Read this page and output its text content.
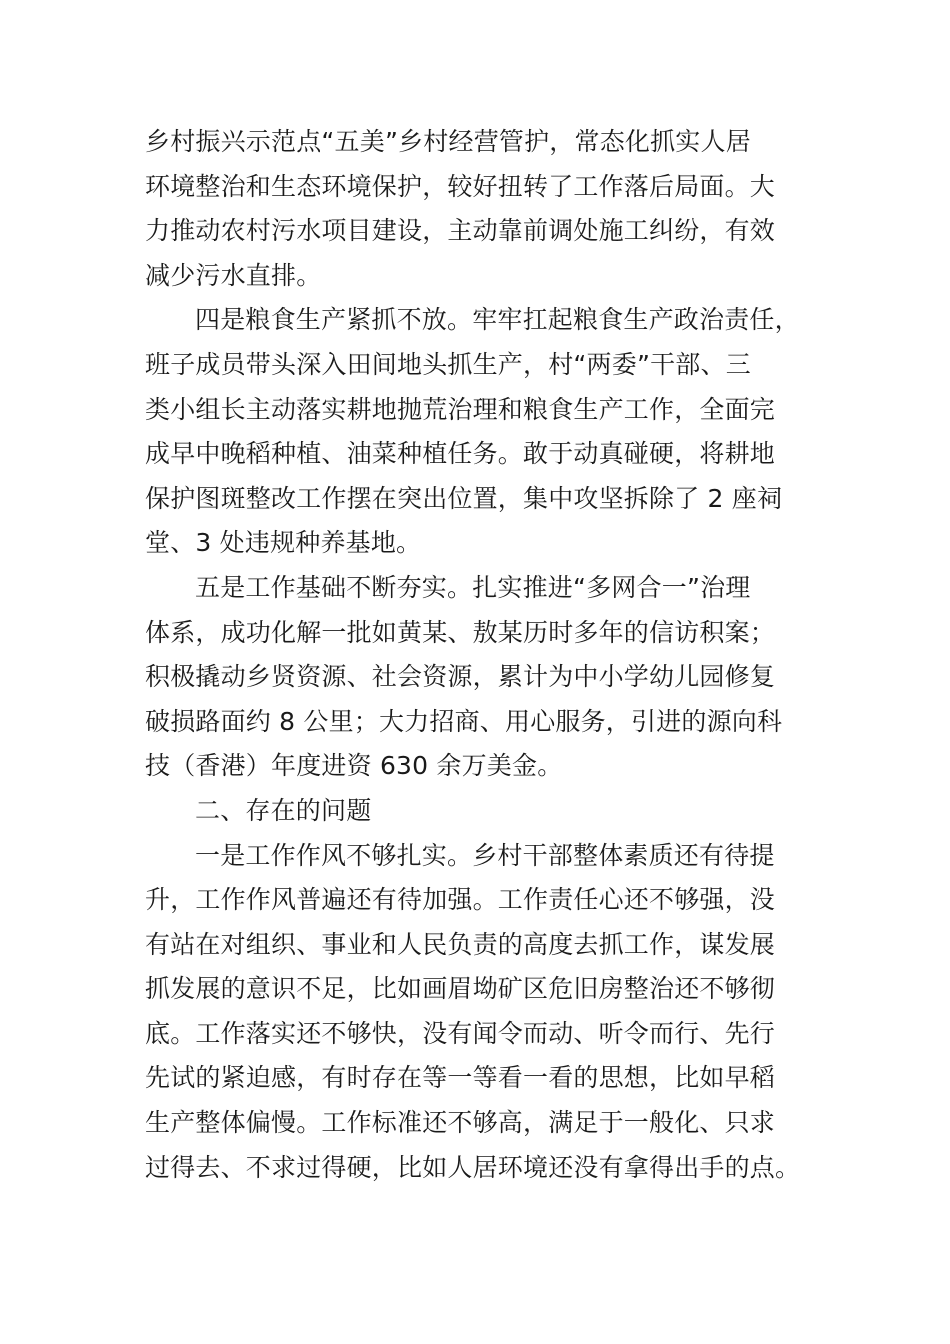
乡村振兴示范点“五美”乡村经营管护，常态化抓实人居
环境整治和生态环境保护，较好扭转了工作落后局面。大
力推动农村污水项目建设，主动靠前调处施工纠纷，有效
减少污水直排。
四是粮食生产紧抓不放。牢牢扛起粮食生产政治责任，
班子成员带头深入田间地头抓生产，村“两委”干部、三
类小组长主动落实耕地抛荒治理和粮食生产工作，全面完
成早中晚稻种植、油菜种植任务。敢于动真碰硬，将耕地
保护图斑整改工作摆在突出位置，集中攻坚拆除了 2 座祠
堂、3 处违规种养基地。
五是工作基础不断夯实。扎实推进“多网合一”治理
体系，成功化解一批如黄某、敖某历时多年的信访积案；
积极撬动乡贤资源、社会资源，累计为中小学幼儿园修复
破损路面约 8 公里；大力招商、用心服务，引进的源向科
技（香港）年度进资 630 余万美金。
二、存在的问题
一是工作作风不够扎实。乡村干部整体素质还有待提
升，工作作风普遍还有待加强。工作责任心还不够强，没
有站在对组织、事业和人民负责的高度去抓工作，谋发展
抓发展的意识不足，比如画眉坳矿区危旧房整治还不够彻
底。工作落实还不够快，没有闻令而动、听令而行、先行
先试的紧迫感，有时存在等一等看一看的思想，比如早稻
生产整体偏慢。工作标准还不够高，满足于一般化、只求
过得去、不求过得硬，比如人居环境还没有拿得出手的点。
